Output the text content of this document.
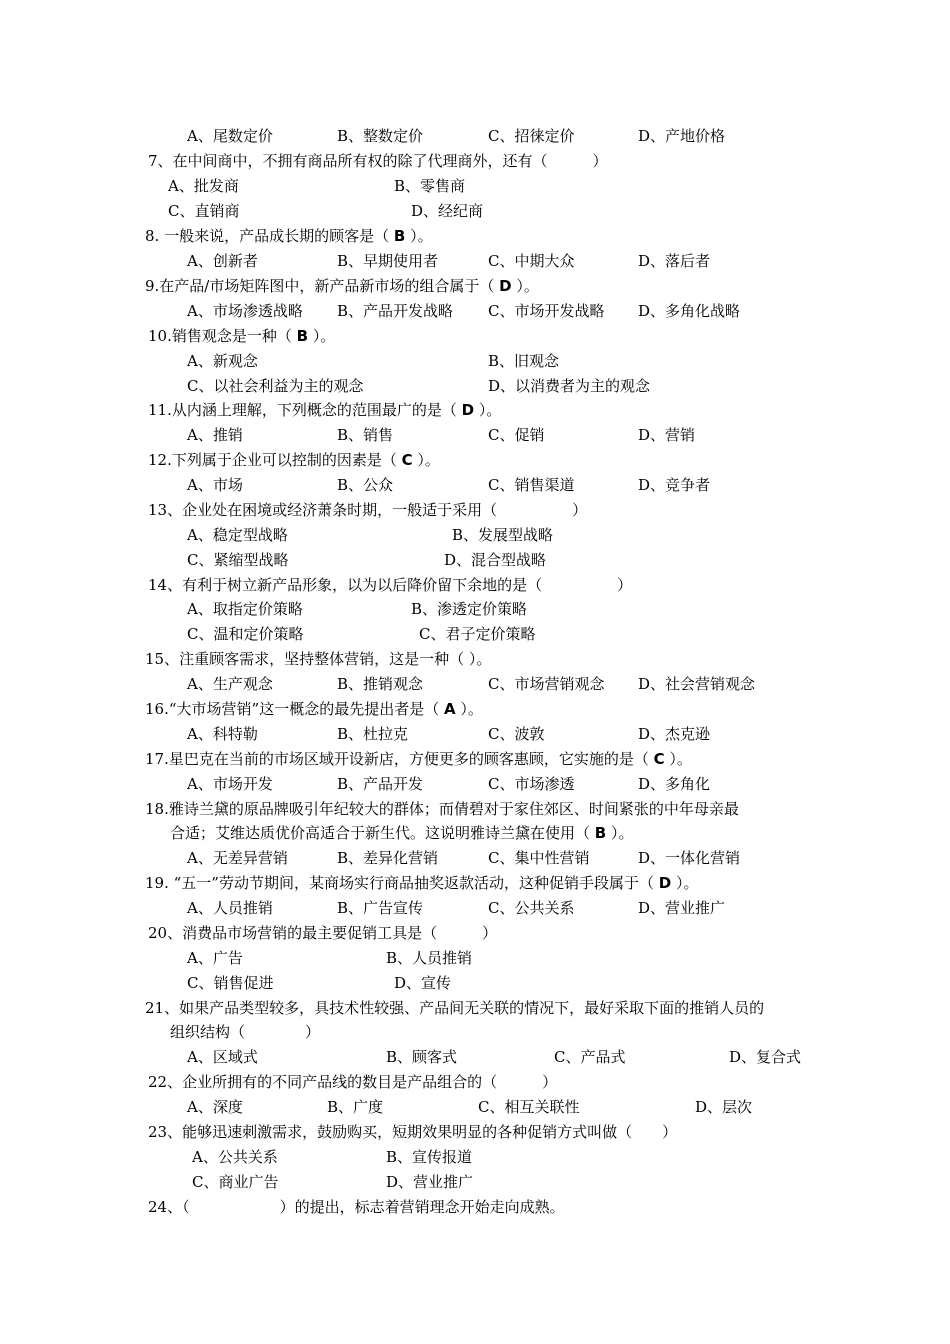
A、尾数定价	B、整数定价	C、招徕定价	D、产地价格
7、在中间商中，不拥有商品所有权的除了代理商外，还有（　　　）
A、批发商	B、零售商
C、直销商	D、经纪商
8. 一般来说，产品成长期的顾客是（ B ）。
A、创新者	B、早期使用者	C、中期大众	D、落后者
9.在产品/市场矩阵图中，新产品新市场的组合属于（ D ）。
A、市场渗透战略 B、产品开发战略 C、市场开发战略 D、多角化战略
10.销售观念是一种（ B ）。
A、新观念	B、旧观念
C、以社会利益为主的观念	D、以消费者为主的观念
11.从内涵上理解，下列概念的范围最广的是（ D ）。
A、推销	B、销售	C、促销	D、营销
12.下列属于企业可以控制的因素是（ C ）。
A、市场	B、公众	C、销售渠道	D、竞争者
13、企业处在困境或经济萧条时期，一般适于采用（　　　　　）
A、稳定型战略	B、发展型战略
C、紧缩型战略	D、混合型战略
14、有利于树立新产品形象，以为以后降价留下余地的是（　　　　　）
A、取指定价策略	B、渗透定价策略
C、温和定价策略	C、君子定价策略
15、注重顾客需求，坚持整体营销，这是一种（ ）。
A、生产观念	B、推销观念	C、市场营销观念 D、社会营销观念
16.“大市场营销”这一概念的最先提出者是（ A ）。
A、科特勒	B、杜拉克	C、波敦	D、杰克逊
17.星巴克在当前的市场区域开设新店，方便更多的顾客惠顾，它实施的是（ C ）。
A、市场开发	B、产品开发	C、市场渗透	D、多角化
18.雅诗兰黛的原品牌吸引年纪较大的群体；而倩碧对于家住郊区、时间紧张的中年母亲最
合适；艾维达质优价高适合于新生代。这说明雅诗兰黛在使用（ B ）。
A、无差异营销	B、差异化营销	C、集中性营销	D、一体化营销
19. “五一”劳动节期间，某商场实行商品抽奖返款活动，这种促销手段属于（ D ）。
A、人员推销	B、广告宣传	C、公共关系	D、营业推广
20、消费品市场营销的最主要促销工具是（　　　）
A、广告	B、人员推销
C、销售促进	D、宣传
21、如果产品类型较多，具技术性较强、产品间无关联的情况下，最好采取下面的推销人员的
组织结构（　　　　）
A、区域式	B、顾客式	C、产品式	D、复合式
22、企业所拥有的不同产品线的数目是产品组合的（　　　）
A、深度	B、广度	C、相互关联性	D、层次
23、能够迅速刺激需求，鼓励购买，短期效果明显的各种促销方式叫做（　　）
A、公共关系	B、宣传报道
C、商业广告	D、营业推广
24、（　　　　　　）的提出，标志着营销理念开始走向成熟。
